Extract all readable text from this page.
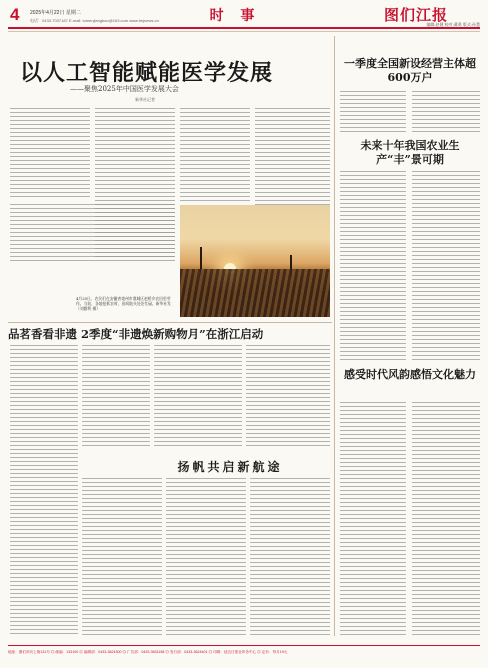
4 2025年4月22日 星期二
电话：0433-7037187 E-mail: tumenjiangbao@163.com www.tmjnews.cn	时 事	图们江报
编辑:赵健 校对:冀勇 版式:孙慧
以人工智能赋能医学发展
——聚焦2025年中国医学发展大会
新华社记者
4月20日，农民们在安徽省亳州市谯城区赵桥乡农田里劳作。当前，各地抢抓农时，田间地头处处忙碌。新华社发（刘勤利 摄）
一季度全国新设经营主体超600万户
未来十年我国农业生产“丰”景可期
感受时代风韵感悟文化魅力
品茗香看非遗 2季度“非遗焕新购物月”在浙江启动
扬帆共启新航途
地址：图们市向上街131号 ◎ 邮编：133100 ◎ 编辑部：0433-3624300 ◎ 广告部：0433-3631158 ◎ 发行部：0433-3624401 ◎ 印刷：延边日报社印务中心 ◎ 定价：每月19元
